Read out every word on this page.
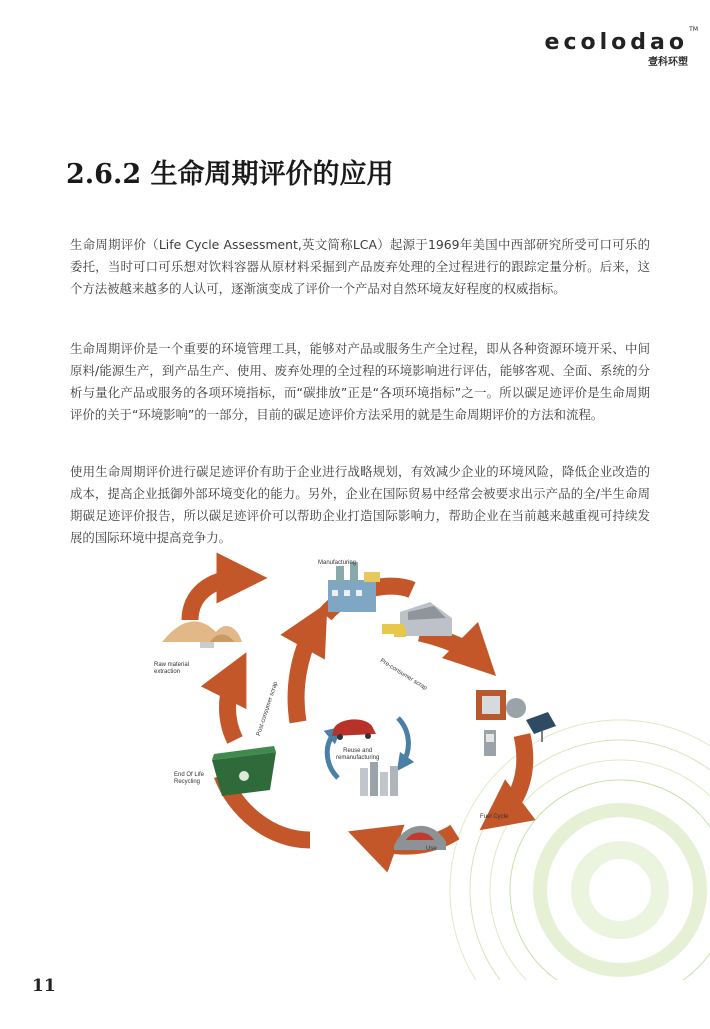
ecolodao
TM
壹科环塑
2.6.2 生命周期评价的应用

生命周期评价（Life Cycle Assessment,英文简称LCA）起源于1969年美国中西部研究所受可口可乐的委托，当时可口可乐想对饮料容器从原材料采掘到产品废弃处理的全过程进行的跟踪定量分析。后来，这个方法被越来越多的人认可，逐渐演变成了评价一个产品对自然环境友好程度的权威指标。

生命周期评价是一个重要的环境管理工具，能够对产品或服务生产全过程，即从各种资源环境开采、中间原料/能源生产，到产品生产、使用、废弃处理的全过程的环境影响进行评估，能够客观、全面、系统的分析与量化产品或服务的各项环境指标，而“碳排放”正是“各项环境指标”之一。所以碳足迹评价是生命周期评价的关于“环境影响”的一部分，目前的碳足迹评价方法采用的就是生命周期评价的方法和流程。

使用生命周期评价进行碳足迹评价有助于企业进行战略规划，有效减少企业的环境风险，降低企业改造的成本，提高企业抵御外部环境变化的能力。另外，企业在国际贸易中经常会被要求出示产品的全/半生命周期碳足迹评价报告，所以碳足迹评价可以帮助企业打造国际影响力，帮助企业在当前越来越重视可持续发展的国际环境中提高竞争力。

Manufacturing
Pre-consumer scrap
Raw material
extraction
Post-consumer scrap
Reuse and
remanufacturing
End Of Life
Recycling
Fuel Cycle
Use
11
